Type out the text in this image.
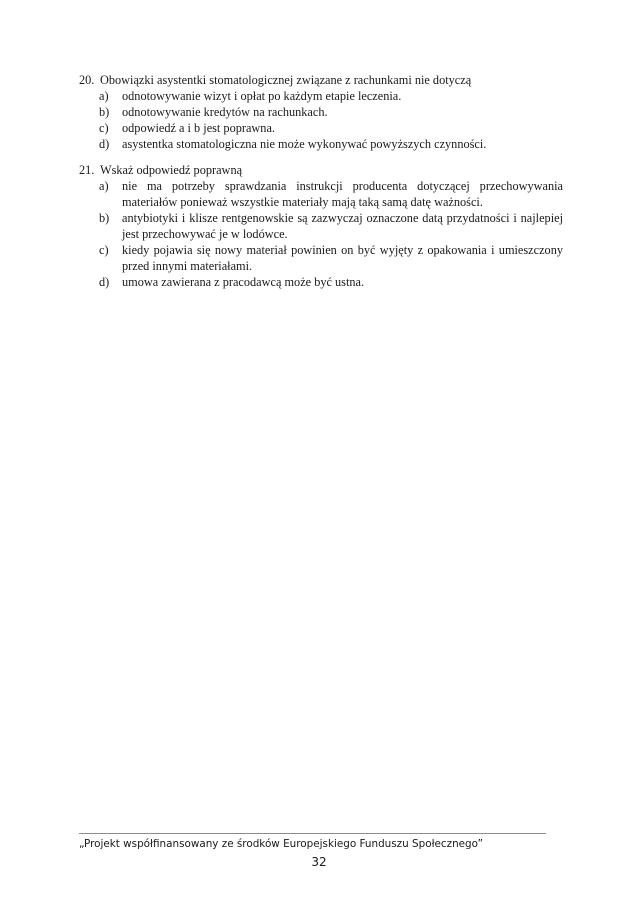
20. Obowiązki asystentki stomatologicznej związane z rachunkami nie dotyczą
a)	odnotowywanie wizyt i opłat po każdym etapie leczenia.
b)	odnotowywanie kredytów na rachunkach.
c)	odpowiedź a i b jest poprawna.
d)	asystentka stomatologiczna nie może wykonywać powyższych czynności.
21. Wskaż odpowiedź poprawną
a)	nie ma potrzeby sprawdzania instrukcji producenta dotyczącej przechowywania materiałów ponieważ wszystkie materiały mają taką samą datę ważności.
b)	antybiotyki i klisze rentgenowskie są zazwyczaj oznaczone datą przydatności i najlepiej jest przechowywać je w lodówce.
c)	kiedy pojawia się nowy materiał powinien on być wyjęty z opakowania i umieszczony przed innymi materiałami.
d)	umowa zawierana z pracodawcą może być ustna.
„Projekt współfinansowany ze środków Europejskiego Funduszu Społecznego”
32
